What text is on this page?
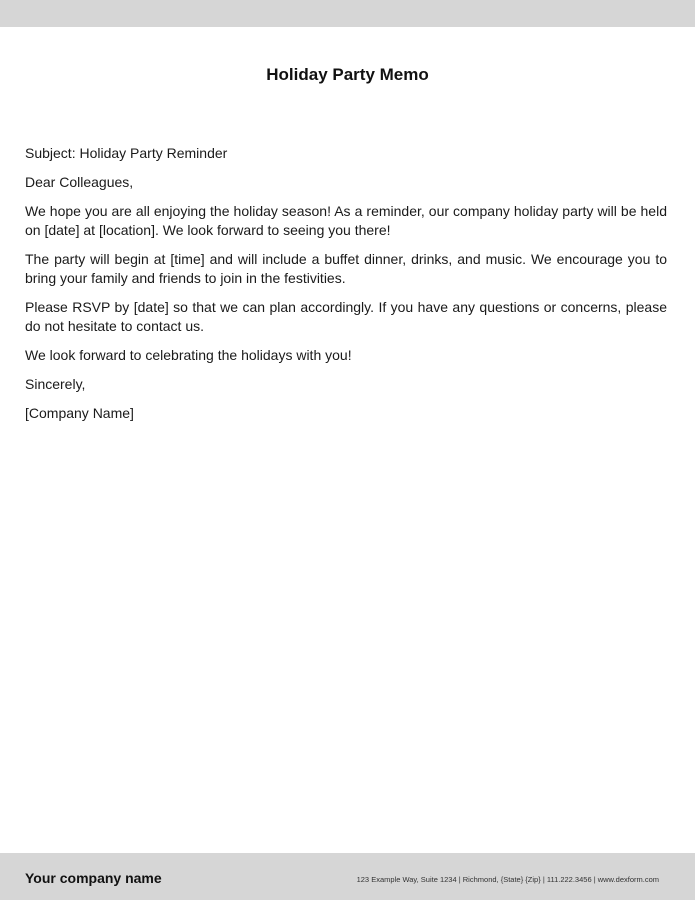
Holiday Party Memo

Subject: Holiday Party Reminder

Dear Colleagues,

We hope you are all enjoying the holiday season! As a reminder, our company holiday party will be held on [date] at [location]. We look forward to seeing you there!

The party will begin at [time] and will include a buffet dinner, drinks, and music. We encourage you to bring your family and friends to join in the festivities.

Please RSVP by [date] so that we can plan accordingly. If you have any questions or concerns, please do not hesitate to contact us.

We look forward to celebrating the holidays with you!

Sincerely,

[Company Name]

Your company name	123 Example Way, Suite 1234 | Richmond, {State} {Zip} | 111.222.3456 | www.dexform.com
